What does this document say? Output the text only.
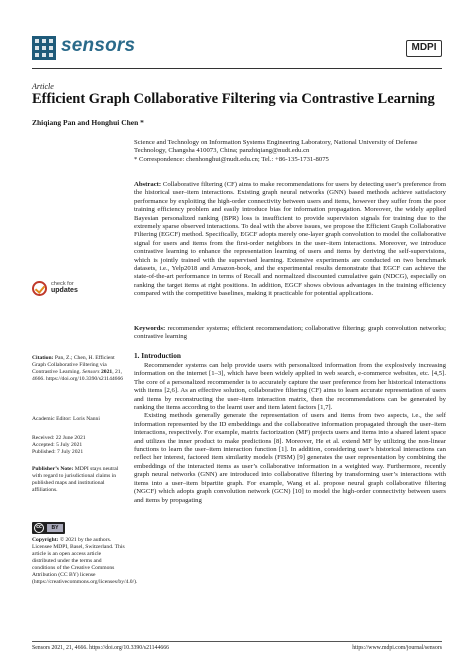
sensors	MDPI
Article
Efficient Graph Collaborative Filtering via Contrastive Learning
Zhiqiang Pan and Honghui Chen *
Science and Technology on Information Systems Engineering Laboratory, National University of Defense Technology, Changsha 410073, China; panzhiqiang@nudt.edu.cn
* Correspondence: chenhonghui@nudt.edu.cn; Tel.: +86-135-1731-8075
Abstract: Collaborative filtering (CF) aims to make recommendations for users by detecting user’s preference from the historical user–item interactions. Existing graph neural networks (GNN) based methods achieve satisfactory performance by exploiting the high-order connectivity between users and items, however they suffer from the poor training efficiency problem and easily introduce bias for information propagation. Moreover, the widely applied Bayesian personalized ranking (BPR) loss is insufficient to provide supervision signals for training due to the extremely sparse observed interactions. To deal with the above issues, we propose the Efficient Graph Collaborative Filtering (EGCF) method. Specifically, EGCF adopts merely one-layer graph convolution to model the collaborative signal for users and items from the first-order neighbors in the user–item interactions. Moreover, we introduce contrastive learning to enhance the representation learning of users and items by deriving the self-supervisions, which is jointly trained with the supervised learning. Extensive experiments are conducted on two benchmark datasets, i.e., Yelp2018 and Amazon-book, and the experimental results demonstrate that EGCF can achieve the state-of-the-art performance in terms of Recall and normalized discounted cumulative gain (NDCG), especially on ranking the target items at right positions. In addition, EGCF shows obvious advantages in the training efficiency compared with the competitive baselines, making it practicable for potential applications.
Keywords: recommender systems; efficient recommendation; collaborative filtering; graph convolution networks; contrastive learning
1. Introduction

Recommender systems can help provide users with personalized information from the explosively increasing information on the internet [1–3], which have been widely applied in web search, e-commerce websites, etc. [4,5]. The core of a personalized recommender is to accurately capture the user preference from her historical interactions with items [2,6]. As an effective solution, collaborative filtering (CF) aims to learn accurate representation of users and items by reconstructing the user–item interaction matrix, then the recommendations can be generated by ranking the items according to the learnt user and item latent factors [1,7].

Existing methods generally generate the representation of users and items from two aspects, i.e., the self information represented by the ID embeddings and the collaborative information propagated through the user–item interactions, respectively. For example, matrix factorization (MF) projects users and items into a shared latent space and utilizes the inner product to make predictions [8]. Moreover, He et al. extend MF by utilizing the non-linear functions to learn the user–item interaction function [1]. In addition, considering user’s historical interactions can reflect her interest, factored item similarity models (FISM) [9] generates the user representation by combining the embeddings of the interacted items as user’s collaborative information in a weighted way. Furthermore, recently graph neural networks (GNN) are introduced into collaborative filtering by transforming user’s interactions with items into a user–item bipartite graph. For example, Wang et al. propose neural graph collaborative filtering (NGCF) which adopts graph convolution network (GCN) [10] to model the high-order connectivity between users and items by propagating

check for
updates
Citation: Pan, Z.; Chen, H. Efficient Graph Collaborative Filtering via Contrastive Learning. Sensors 2021, 21, 4666. https://doi.org/10.3390/s21144666
Academic Editor: Loris Nanni
Received: 22 June 2021
Accepted: 5 July 2021
Published: 7 July 2021
Publisher’s Note: MDPI stays neutral with regard to jurisdictional claims in published maps and institutional affiliations.
cc	BY
Copyright: © 2021 by the authors. Licensee MDPI, Basel, Switzerland. This article is an open access article distributed under the terms and conditions of the Creative Commons Attribution (CC BY) license (https://creativecommons.org/licenses/by/4.0/).
Sensors 2021, 21, 4666. https://doi.org/10.3390/s21144666	https://www.mdpi.com/journal/sensors
